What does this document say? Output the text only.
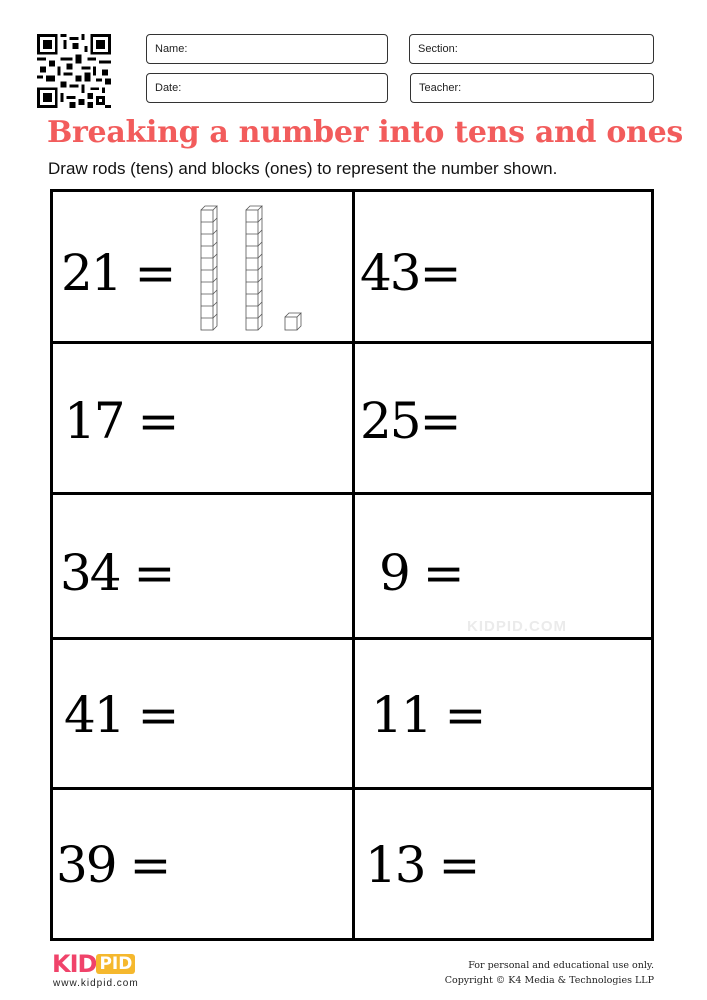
Name:	Section:
Date:	Teacher:
Breaking a number into tens and ones
Draw rods (tens) and blocks (ones) to represent the number shown.
21 =	43=
17 =	25=
34 =	9 =
41 =	11 =
39 =	13 =
KIDPID.COM
KID PID
www.kidpid.com
For personal and educational use only.
Copyright © K4 Media & Technologies LLP
